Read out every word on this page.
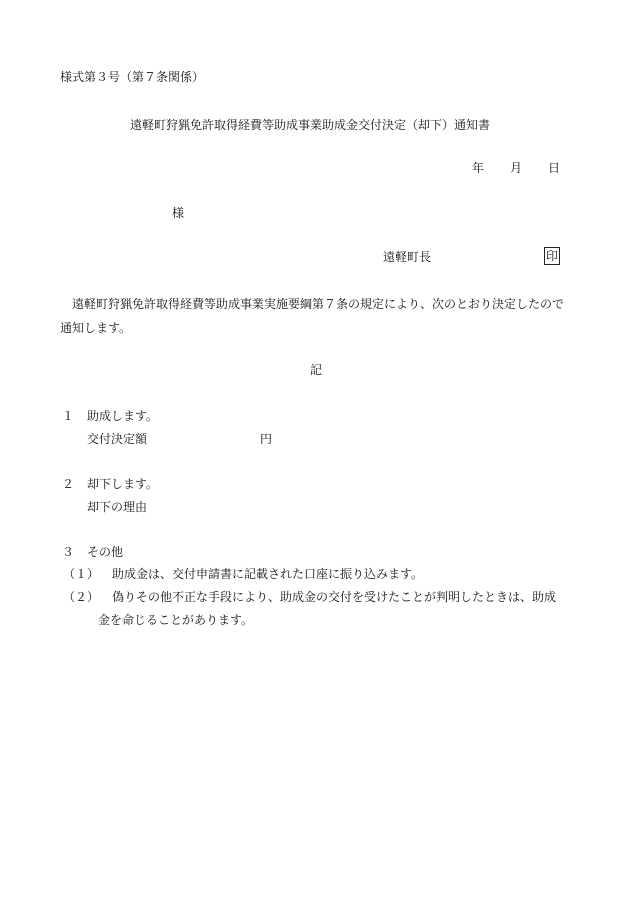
様式第３号（第７条関係）
遠軽町狩猟免許取得経費等助成事業助成金交付決定（却下）通知書
年 月 日
様
遠軽町長	印
遠軽町狩猟免許取得経費等助成事業実施要綱第７条の規定により、次のとおり決定したので通知します。
記
１ 助成します。
交付決定額	円
２ 却下します。
却下の理由
３ その他
（１） 助成金は、交付申請書に記載された口座に振り込みます。
（２） 偽りその他不正な手段により、助成金の交付を受けたことが判明したときは、助成
金を命じることがあります。
